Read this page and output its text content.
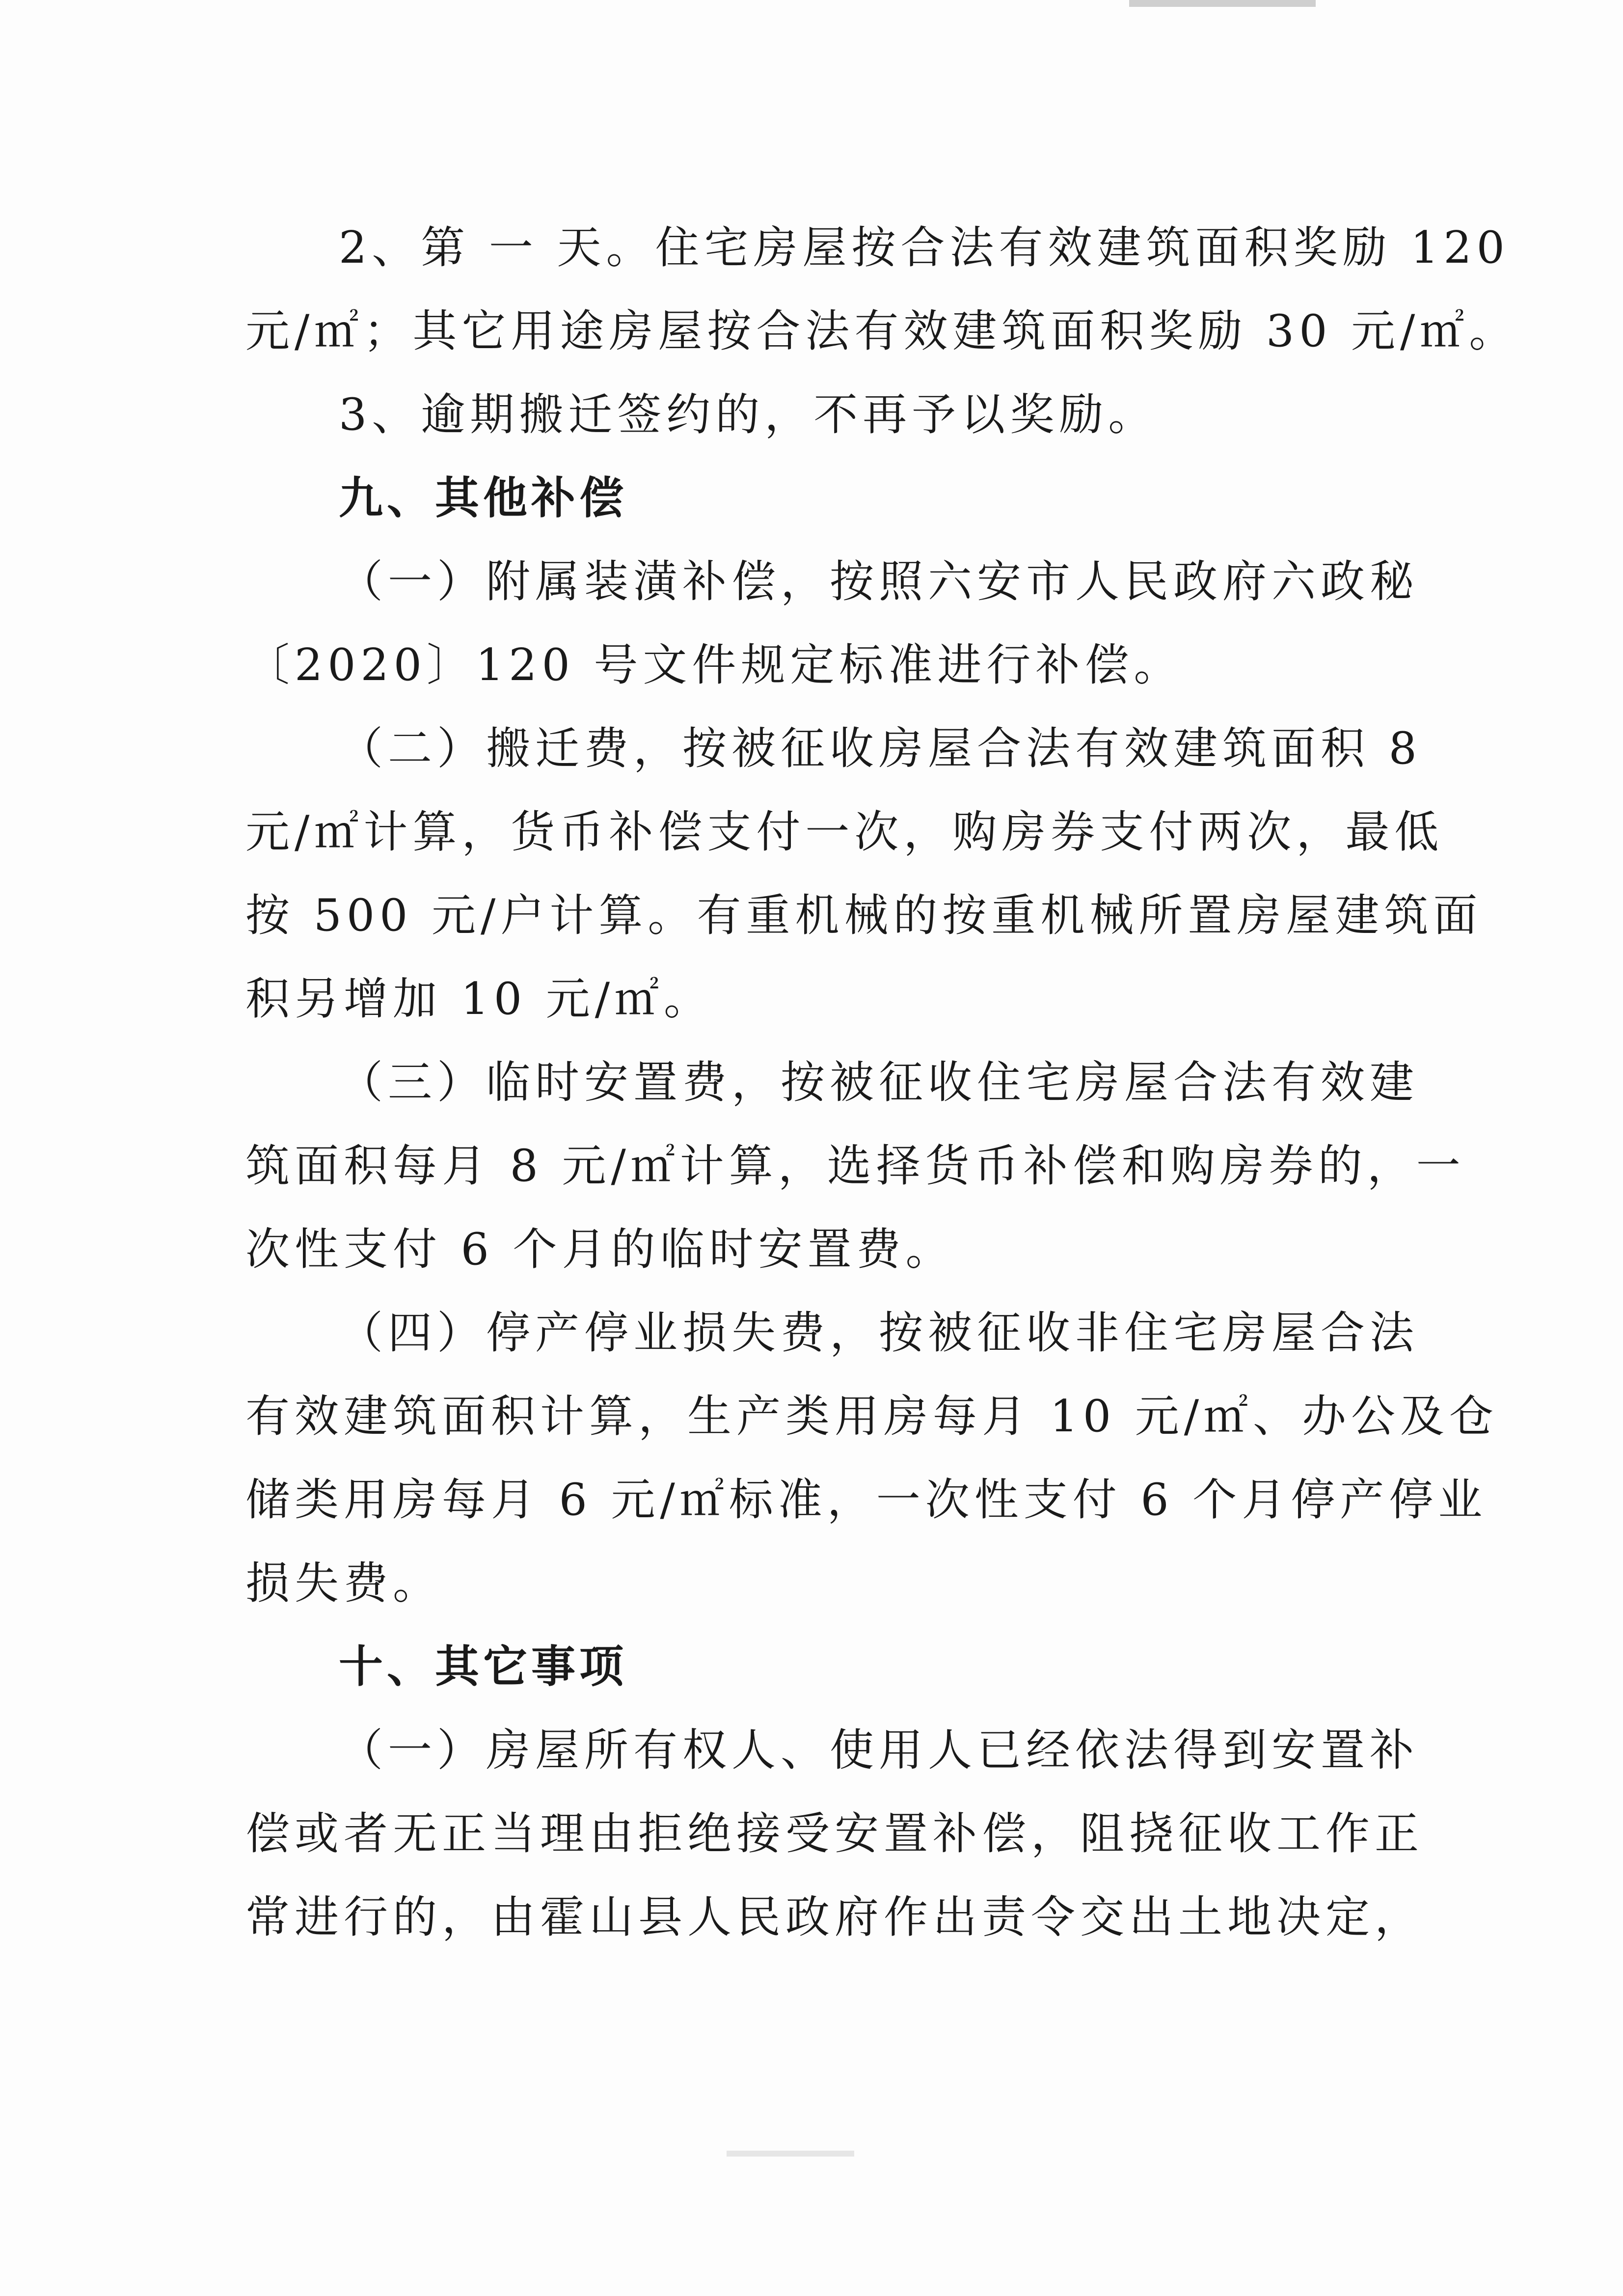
2、第 一 天。住宅房屋按合法有效建筑面积奖励 120
元/㎡；其它用途房屋按合法有效建筑面积奖励 30 元/㎡。
3、逾期搬迁签约的，不再予以奖励。
九、其他补偿
（一）附属装潢补偿，按照六安市人民政府六政秘
〔2020〕120 号文件规定标准进行补偿。
（二）搬迁费，按被征收房屋合法有效建筑面积 8
元/㎡计算，货币补偿支付一次，购房券支付两次，最低
按 500 元/户计算。有重机械的按重机械所置房屋建筑面
积另增加 10 元/㎡。
（三）临时安置费，按被征收住宅房屋合法有效建
筑面积每月 8 元/㎡计算，选择货币补偿和购房券的，一
次性支付 6 个月的临时安置费。
（四）停产停业损失费，按被征收非住宅房屋合法
有效建筑面积计算，生产类用房每月 10 元/㎡、办公及仓
储类用房每月 6 元/㎡标准，一次性支付 6 个月停产停业
损失费。
十、其它事项
（一）房屋所有权人、使用人已经依法得到安置补
偿或者无正当理由拒绝接受安置补偿，阻挠征收工作正
常进行的，由霍山县人民政府作出责令交出土地决定，
